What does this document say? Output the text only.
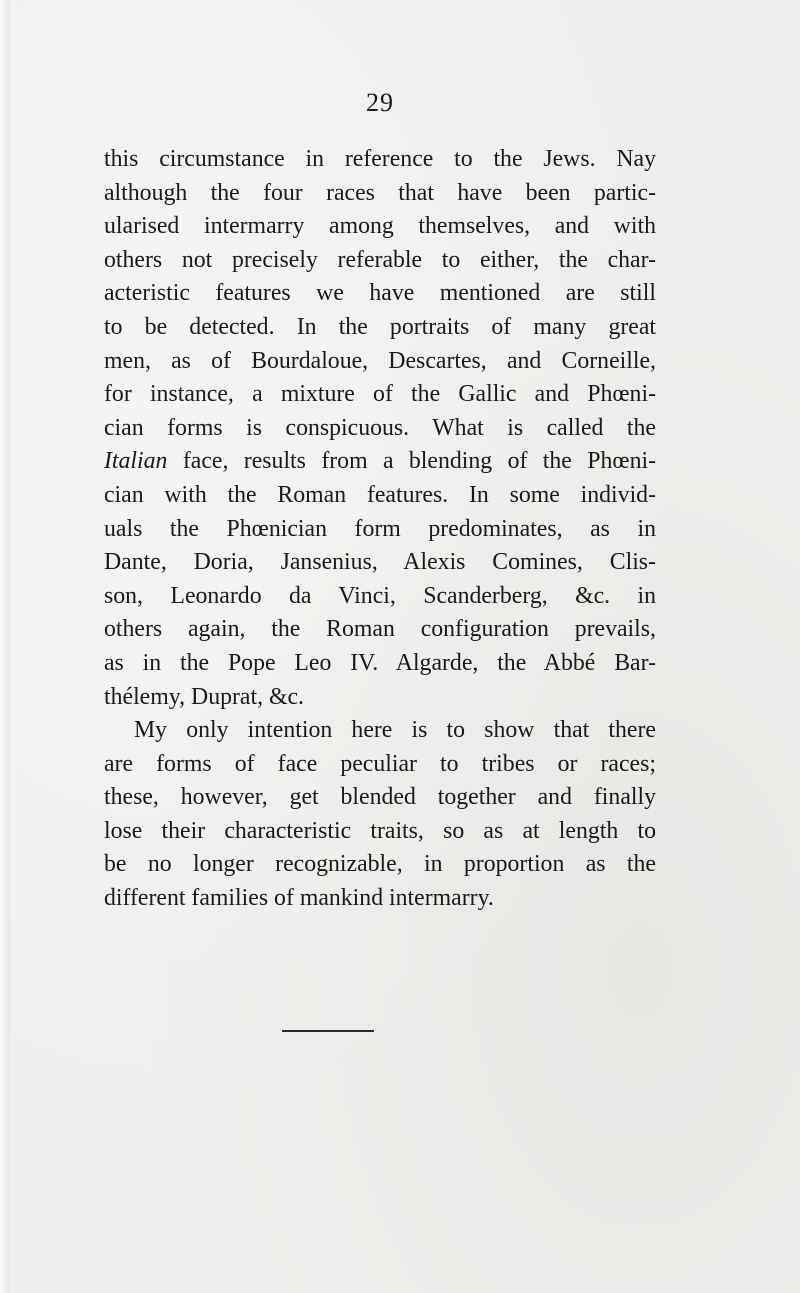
29
this circumstance in reference to the Jews. Nay
although the four races that have been partic-
ularised intermarry among themselves, and with
others not precisely referable to either, the char-
acteristic features we have mentioned are still
to be detected. In the portraits of many great
men, as of Bourdaloue, Descartes, and Corneille,
for instance, a mixture of the Gallic and Phœni-
cian forms is conspicuous. What is called the
Italian face, results from a blending of the Phœni-
cian with the Roman features. In some individ-
uals the Phœnician form predominates, as in
Dante, Doria, Jansenius, Alexis Comines, Clis-
son, Leonardo da Vinci, Scanderberg, &c. in
others again, the Roman configuration prevails,
as in the Pope Leo IV. Algarde, the Abbé Bar-
thélemy, Duprat, &c.
My only intention here is to show that there
are forms of face peculiar to tribes or races;
these, however, get blended together and finally
lose their characteristic traits, so as at length to
be no longer recognizable, in proportion as the
different families of mankind intermarry.
